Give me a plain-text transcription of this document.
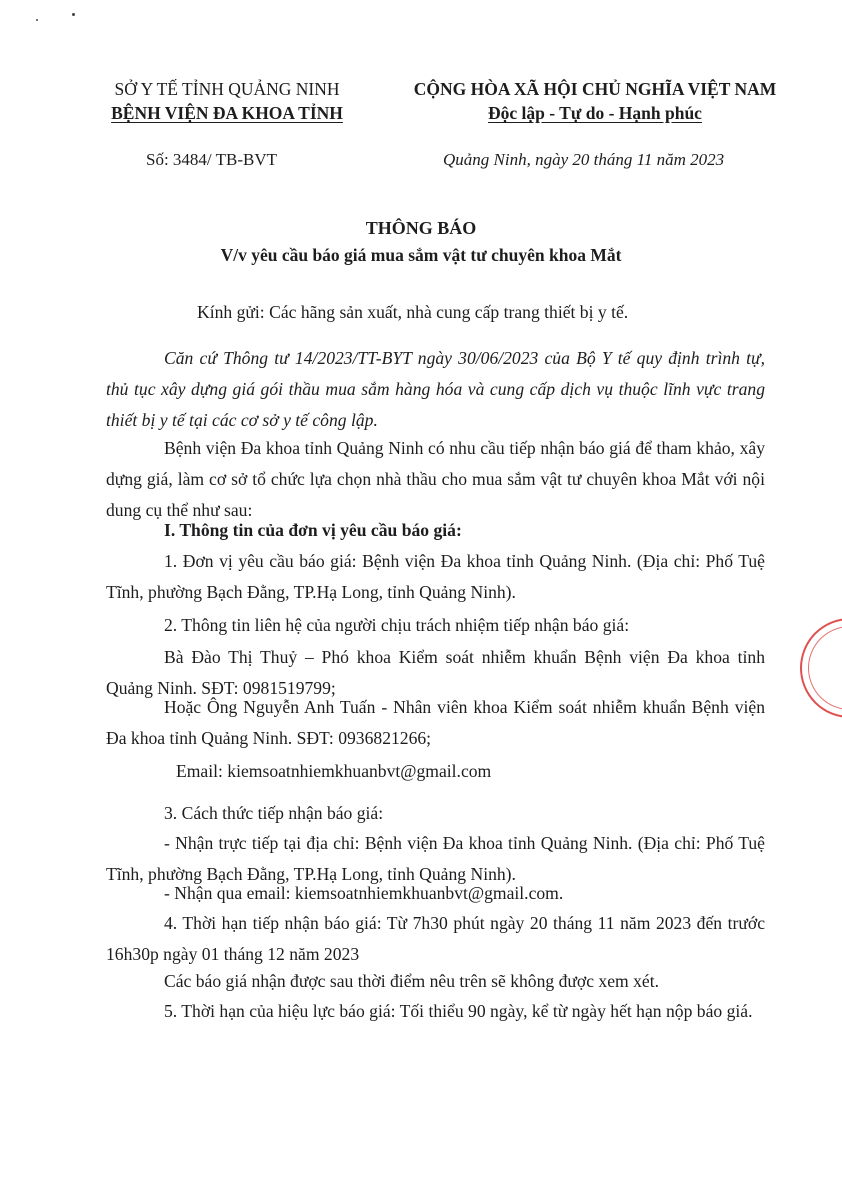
SỞ Y TẾ TỈNH QUẢNG NINH
BỆNH VIỆN ĐA KHOA TỈNH
CỘNG HÒA XÃ HỘI CHỦ NGHĨA VIỆT NAM
Độc lập - Tự do - Hạnh phúc
Số: 3484/ TB-BVT	Quảng Ninh, ngày 20 tháng 11 năm 2023
THÔNG BÁO
V/v yêu cầu báo giá mua sắm vật tư chuyên khoa Mắt
Kính gửi: Các hãng sản xuất, nhà cung cấp trang thiết bị y tế.
Căn cứ Thông tư 14/2023/TT-BYT ngày 30/06/2023 của Bộ Y tế quy định trình tự, thủ tục xây dựng giá gói thầu mua sắm hàng hóa và cung cấp dịch vụ thuộc lĩnh vực trang thiết bị y tế tại các cơ sở y tế công lập.
Bệnh viện Đa khoa tỉnh Quảng Ninh có nhu cầu tiếp nhận báo giá để tham khảo, xây dựng giá, làm cơ sở tổ chức lựa chọn nhà thầu cho mua sắm vật tư chuyên khoa Mắt với nội dung cụ thể như sau:
I. Thông tin của đơn vị yêu cầu báo giá:
1. Đơn vị yêu cầu báo giá: Bệnh viện Đa khoa tỉnh Quảng Ninh. (Địa chỉ: Phố Tuệ Tĩnh, phường Bạch Đằng, TP.Hạ Long, tỉnh Quảng Ninh).
2. Thông tin liên hệ của người chịu trách nhiệm tiếp nhận báo giá:
Bà Đào Thị Thuỷ – Phó khoa Kiểm soát nhiễm khuẩn Bệnh viện Đa khoa tỉnh Quảng Ninh. SĐT: 0981519799;
Hoặc Ông Nguyễn Anh Tuấn - Nhân viên khoa Kiểm soát nhiễm khuẩn Bệnh viện Đa khoa tỉnh Quảng Ninh. SĐT: 0936821266;
Email: kiemsoatnhiemkhuanbvt@gmail.com
3. Cách thức tiếp nhận báo giá:
- Nhận trực tiếp tại địa chỉ: Bệnh viện Đa khoa tỉnh Quảng Ninh. (Địa chỉ: Phố Tuệ Tĩnh, phường Bạch Đằng, TP.Hạ Long, tỉnh Quảng Ninh).
- Nhận qua email: kiemsoatnhiemkhuanbvt@gmail.com.
4. Thời hạn tiếp nhận báo giá: Từ 7h30 phút ngày 20 tháng 11 năm 2023 đến trước 16h30p ngày 01 tháng 12 năm 2023
Các báo giá nhận được sau thời điểm nêu trên sẽ không được xem xét.
5. Thời hạn của hiệu lực báo giá: Tối thiểu 90 ngày, kể từ ngày hết hạn nộp báo giá.
